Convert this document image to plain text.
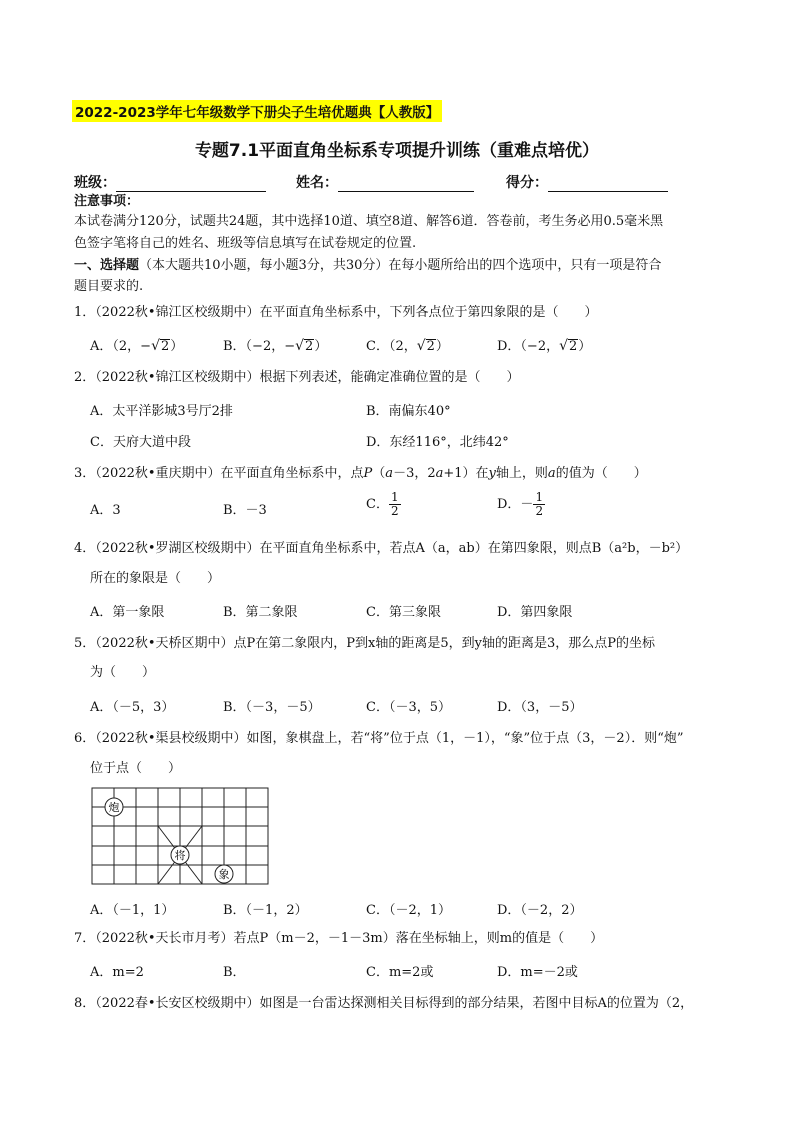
2022-2023学年七年级数学下册尖子生培优题典【人教版】
专题7.1平面直角坐标系专项提升训练（重难点培优）
班级：	姓名：	得分：
注意事项：
本试卷满分120分，试题共24题，其中选择10道、填空8道、解答6道．答卷前，考生务必用0.5毫米黑
色签字笔将自己的姓名、班级等信息填写在试卷规定的位置.
一、选择题（本大题共10小题，每小题3分，共30分）在每小题所给出的四个选项中，只有一项是符合
题目要求的.
1．（2022秋•锦江区校级期中）在平面直角坐标系中，下列各点位于第四象限的是（　　）
A．（2，−√2）	B．（−2，−√2）	C．（2，√2）	D．（−2，√2）
2．（2022秋•锦江区校级期中）根据下列表述，能确定准确位置的是（　　）
A．太平洋影城3号厅2排	B．南偏东40°
C．天府大道中段	D．东经116°，北纬42°
3．（2022秋•重庆期中）在平面直角坐标系中，点P（a－3，2a+1）在y轴上，则a的值为（　　）
A．3	B．－3	C． $\frac{1}{2}$	D．－ $\frac{1}{2}$
4．（2022秋•罗湖区校级期中）在平面直角坐标系中，若点A（a，ab）在第四象限，则点B（a²b，－b²）
所在的象限是（　　）
A．第一象限	B．第二象限	C．第三象限	D．第四象限
5．（2022秋•天桥区期中）点P在第二象限内，P到x轴的距离是5，到y轴的距离是3，那么点P的坐标
为（　　）
A．（－5，3）	B．（－3，－5）	C．（－3，5）	D．（3，－5）
6．（2022秋•渠县校级期中）如图，象棋盘上，若“将”位于点（1，－1），“象”位于点（3，－2）．则“炮”
位于点（　　）
炮
将
象
A．（－1，1）	B．（－1，2）	C．（－2，1）	D．（－2，2）
7．（2022秋•天长市月考）若点P（m－2，－1－3m）落在坐标轴上，则m的值是（　　）
A．m=2	B．	C．m=2或	D．m=－2或
8．（2022春•长安区校级期中）如图是一台雷达探测相关目标得到的部分结果，若图中目标A的位置为（2，
